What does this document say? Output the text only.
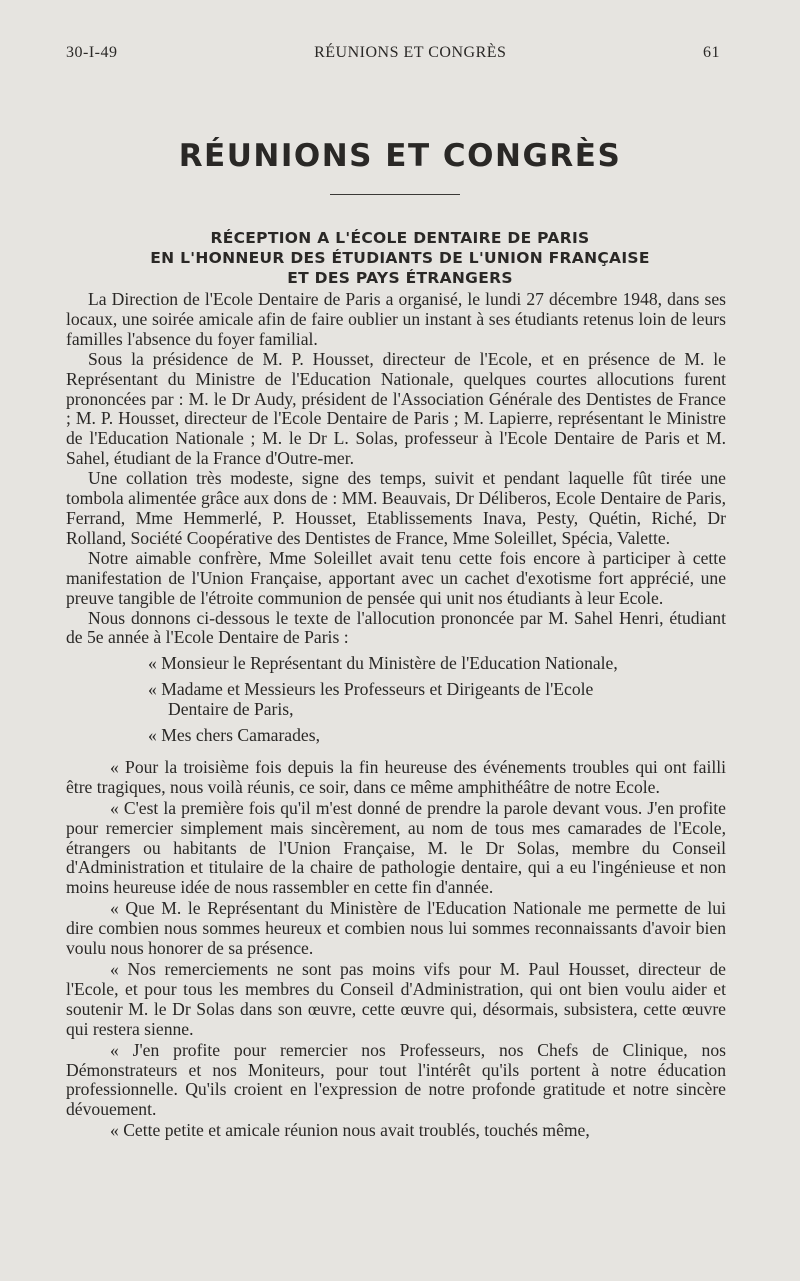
30-I-49	RÉUNIONS ET CONGRÈS	61
RÉUNIONS ET CONGRÈS
RÉCEPTION A L'ÉCOLE DENTAIRE DE PARIS
EN L'HONNEUR DES ÉTUDIANTS DE L'UNION FRANÇAISE
ET DES PAYS ÉTRANGERS

La Direction de l'Ecole Dentaire de Paris a organisé, le lundi 27 décembre 1948, dans ses locaux, une soirée amicale afin de faire oublier un instant à ses étudiants retenus loin de leurs familles l'absence du foyer familial.

Sous la présidence de M. P. Housset, directeur de l'Ecole, et en présence de M. le Représentant du Ministre de l'Education Nationale, quelques courtes allocutions furent prononcées par : M. le Dr Audy, président de l'Association Générale des Dentistes de France ; M. P. Housset, directeur de l'Ecole Dentaire de Paris ; M. Lapierre, représentant le Ministre de l'Education Nationale ; M. le Dr L. Solas, professeur à l'Ecole Dentaire de Paris et M. Sahel, étudiant de la France d'Outre-mer.

Une collation très modeste, signe des temps, suivit et pendant laquelle fût tirée une tombola alimentée grâce aux dons de : MM. Beauvais, Dr Déliberos, Ecole Dentaire de Paris, Ferrand, Mme Hemmerlé, P. Housset, Etablissements Inava, Pesty, Quétin, Riché, Dr Rolland, Société Coopérative des Dentistes de France, Mme Soleillet, Spécia, Valette.

Notre aimable confrère, Mme Soleillet avait tenu cette fois encore à participer à cette manifestation de l'Union Française, apportant avec un cachet d'exotisme fort apprécié, une preuve tangible de l'étroite communion de pensée qui unit nos étudiants à leur Ecole.

Nous donnons ci-dessous le texte de l'allocution prononcée par M. Sahel Henri, étudiant de 5e année à l'Ecole Dentaire de Paris :

« Monsieur le Représentant du Ministère de l'Education Nationale,

« Madame et Messieurs les Professeurs et Dirigeants de l'Ecole
Dentaire de Paris,

« Mes chers Camarades,

« Pour la troisième fois depuis la fin heureuse des événements troubles qui ont failli être tragiques, nous voilà réunis, ce soir, dans ce même amphithéâtre de notre Ecole.

« C'est la première fois qu'il m'est donné de prendre la parole devant vous. J'en profite pour remercier simplement mais sincèrement, au nom de tous mes camarades de l'Ecole, étrangers ou habitants de l'Union Française, M. le Dr Solas, membre du Conseil d'Administration et titulaire de la chaire de pathologie dentaire, qui a eu l'ingénieuse et non moins heureuse idée de nous rassembler en cette fin d'année.

« Que M. le Représentant du Ministère de l'Education Nationale me permette de lui dire combien nous sommes heureux et combien nous lui sommes reconnaissants d'avoir bien voulu nous honorer de sa présence.

« Nos remerciements ne sont pas moins vifs pour M. Paul Housset, directeur de l'Ecole, et pour tous les membres du Conseil d'Administration, qui ont bien voulu aider et soutenir M. le Dr Solas dans son œuvre, cette œuvre qui, désormais, subsistera, cette œuvre qui restera sienne.

« J'en profite pour remercier nos Professeurs, nos Chefs de Clinique, nos Démonstrateurs et nos Moniteurs, pour tout l'intérêt qu'ils portent à notre éducation professionnelle. Qu'ils croient en l'expression de notre profonde gratitude et notre sincère dévouement.

« Cette petite et amicale réunion nous avait troublés, touchés même,
